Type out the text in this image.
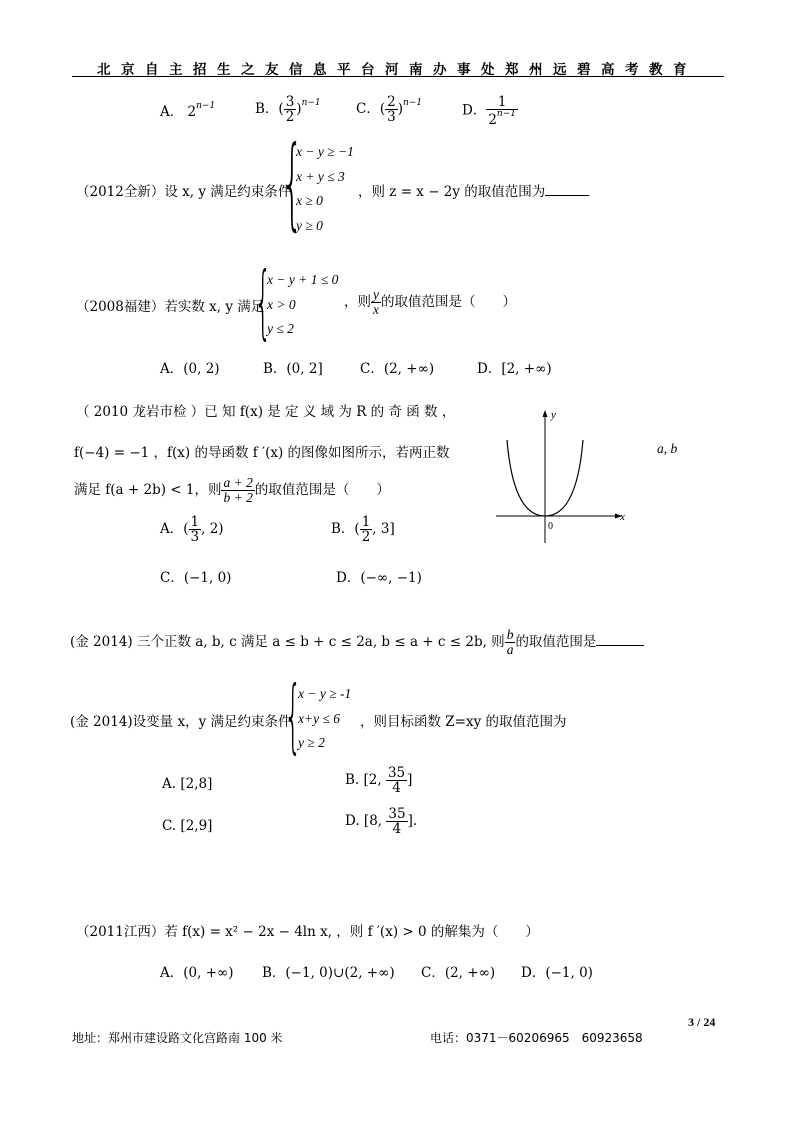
北京自主招生之友信息平台河南办事处郑州远碧高考教育
A． $2^{n-1}$	B．( $\frac{3}{2} )^{n-1}$	C．( $\frac{2}{3} )^{n-1}$	D． $\frac{1}{2^{n-1}}$
（2012全新）设 x, y 满足约束条件
{
x − y ≥ −1
x + y ≤ 3
x ≥ 0
y ≥ 0
，则 z = x − 2y 的取值范围为
（2008福建）若实数 x, y 满足
{
x − y + 1 ≤ 0
x > 0
y ≤ 2
，则 $\frac{y}{x}$ 的取值范围是（　　）
A．(0, 2)	B．(0, 2]	C．(2, +∞)	D．[2, +∞)
（ 2010 龙岩市检 ）已 知 f(x) 是 定 义 域 为 R 的 奇 函 数 ，
f(−4) = −1 ，f(x) 的导函数 f ′(x) 的图像如图所示，若两正数	a, b
满足 f(a + 2b) < 1，则 $\frac{a + 2}{b + 2}$ 的取值范围是（　　）
A．( $\frac{1}{3}$ , 2)	B．( $\frac{1}{2}$ , 3]
C．(−1, 0)	D．(−∞, −1)
x
y
0
(金 2014) 三个正数 a, b, c 满足 a ≤ b + c ≤ 2a, b ≤ a + c ≤ 2b, 则 $\frac{b}{a}$ 的取值范围是
(金 2014)设变量 x，y 满足约束条件
{
x − y ≥ -1
x+y ≤ 6
y ≥ 2
，则目标函数 Z=xy 的取值范围为
A. [2,8]	B. [2, $\frac{35}{4}$ ]
C. [2,9]	D. [8, $\frac{35}{4}$ ].
（2011江西）若 f(x) = x² − 2x − 4ln x, ，则 f ′(x) > 0 的解集为（　　）
A．(0, +∞) B．(−1, 0)∪(2, +∞) C．(2, +∞) D．(−1, 0)
3 / 24
地址：郑州市建设路文化宫路南 100 米	电话：0371－60206965　60923658
